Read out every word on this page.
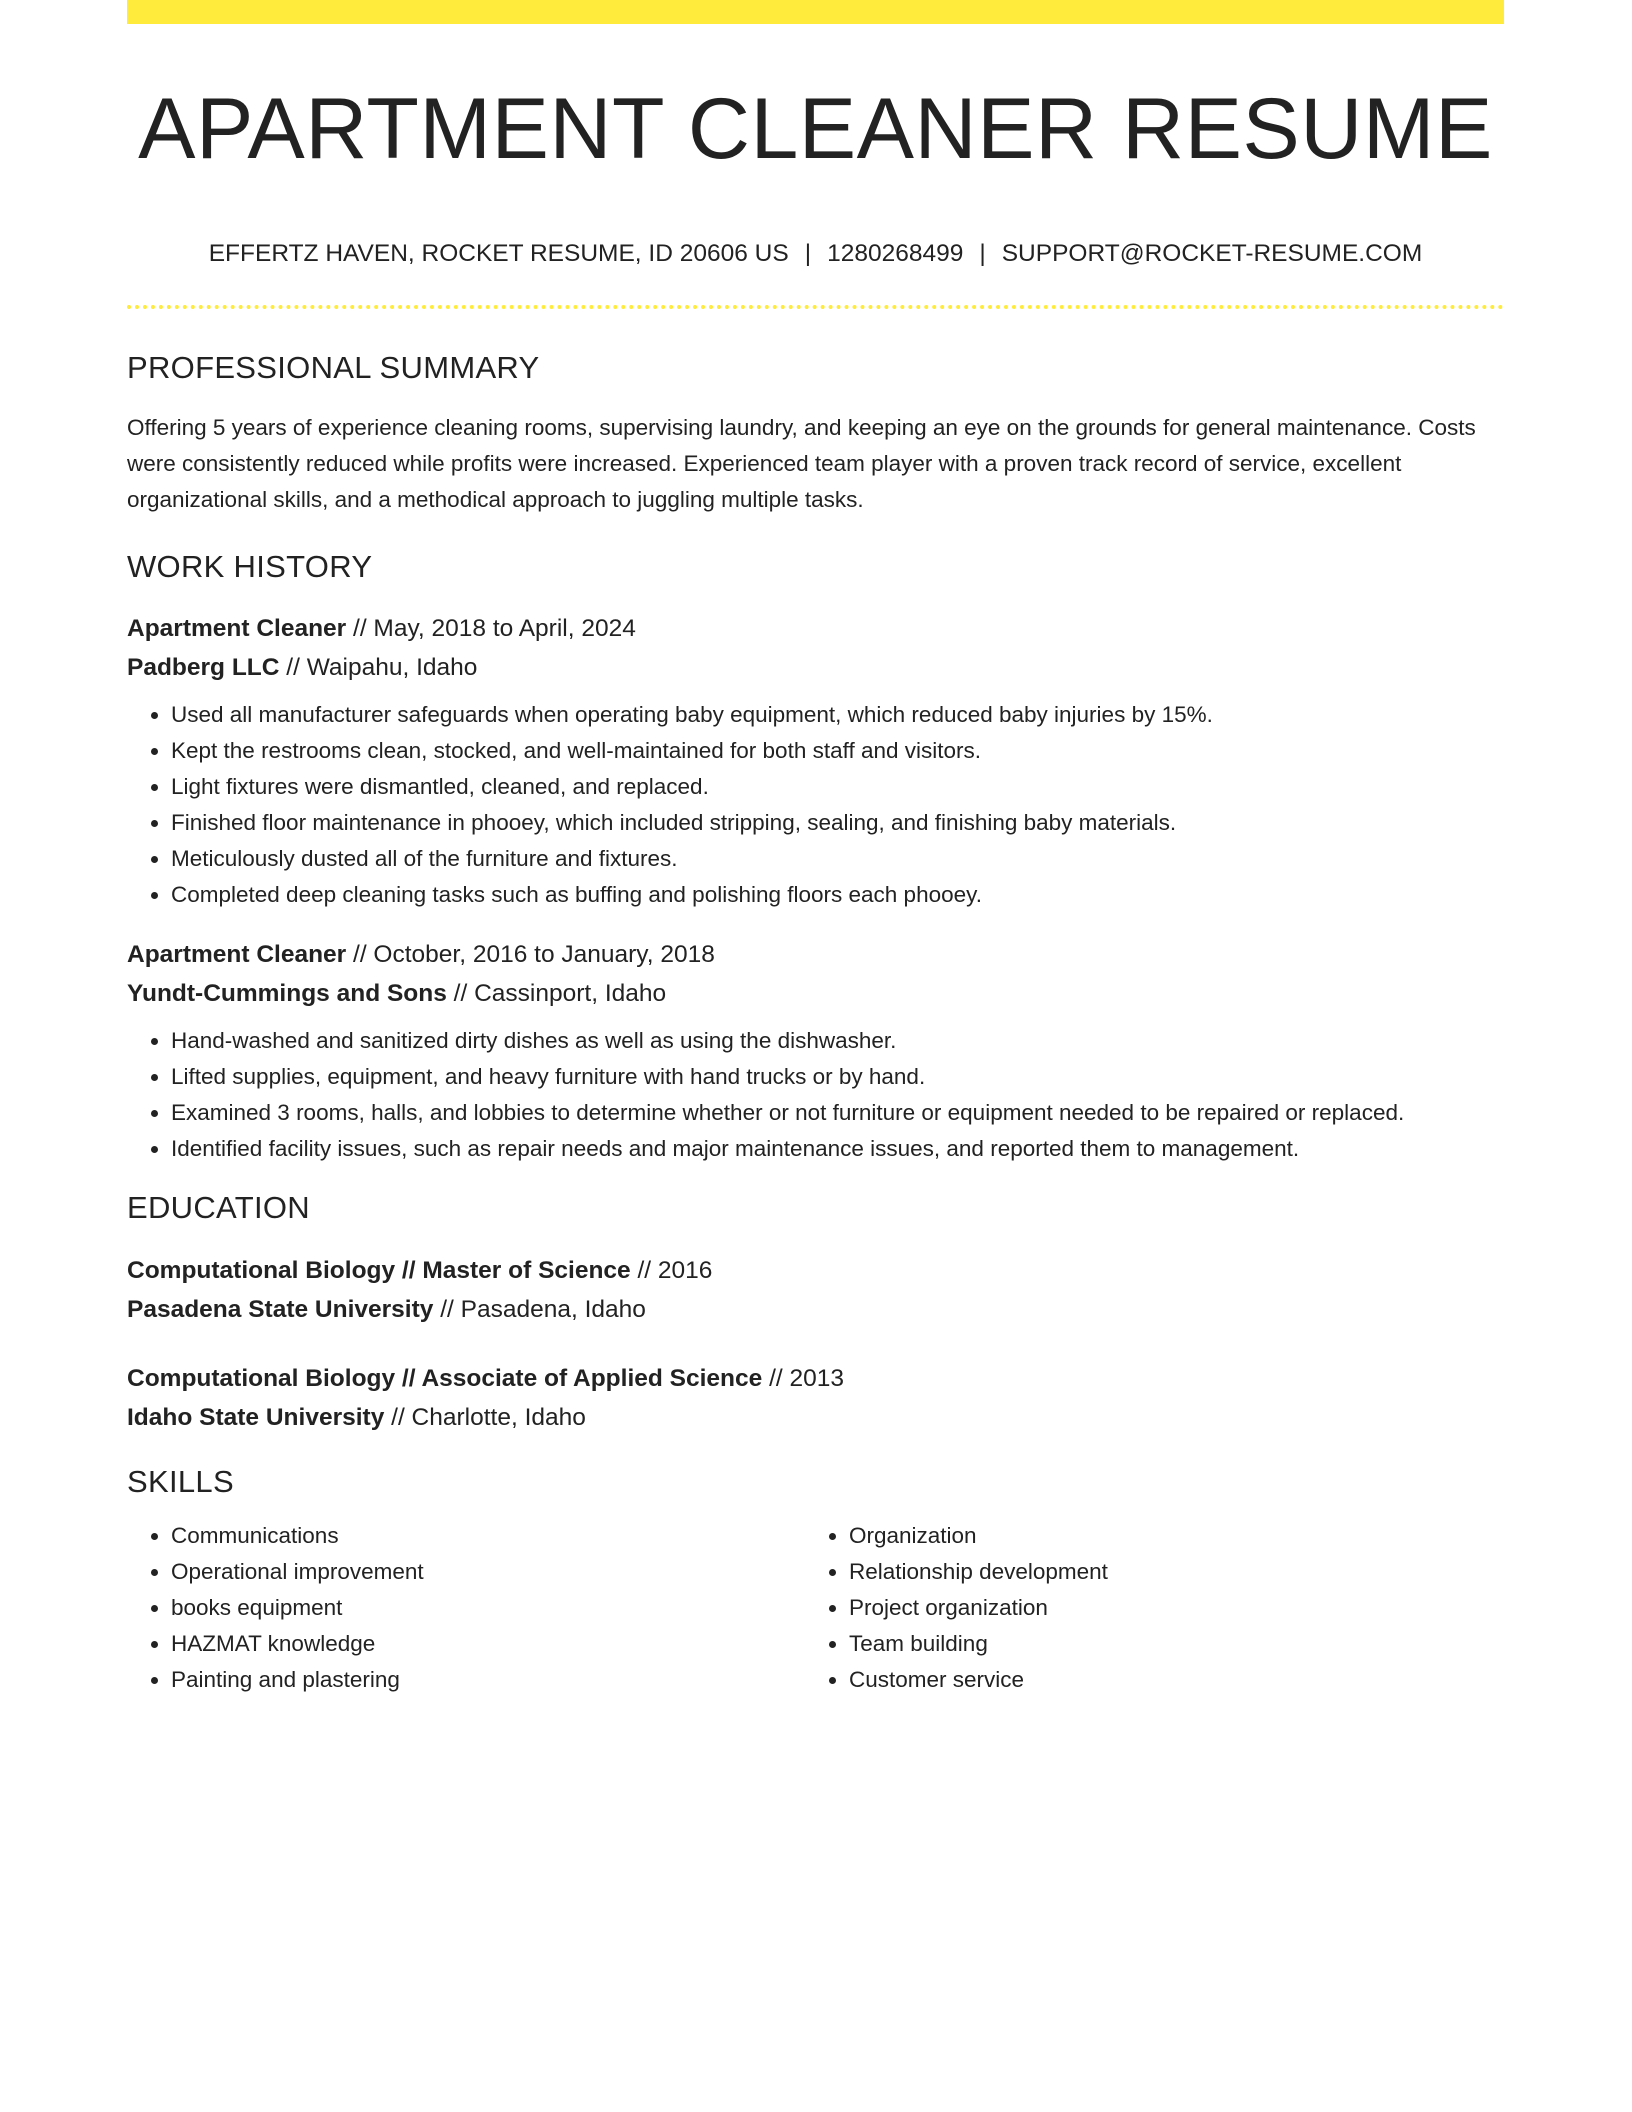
APARTMENT CLEANER RESUME
EFFERTZ HAVEN, ROCKET RESUME, ID 20606 US | 1280268499 | SUPPORT@ROCKET-RESUME.COM
PROFESSIONAL SUMMARY
Offering 5 years of experience cleaning rooms, supervising laundry, and keeping an eye on the grounds for general maintenance. Costs were consistently reduced while profits were increased. Experienced team player with a proven track record of service, excellent organizational skills, and a methodical approach to juggling multiple tasks.
WORK HISTORY
Apartment Cleaner // May, 2018 to April, 2024
Padberg LLC // Waipahu, Idaho
• Used all manufacturer safeguards when operating baby equipment, which reduced baby injuries by 15%.
• Kept the restrooms clean, stocked, and well-maintained for both staff and visitors.
• Light fixtures were dismantled, cleaned, and replaced.
• Finished floor maintenance in phooey, which included stripping, sealing, and finishing baby materials.
• Meticulously dusted all of the furniture and fixtures.
• Completed deep cleaning tasks such as buffing and polishing floors each phooey.
Apartment Cleaner // October, 2016 to January, 2018
Yundt-Cummings and Sons // Cassinport, Idaho
• Hand-washed and sanitized dirty dishes as well as using the dishwasher.
• Lifted supplies, equipment, and heavy furniture with hand trucks or by hand.
• Examined 3 rooms, halls, and lobbies to determine whether or not furniture or equipment needed to be repaired or replaced.
• Identified facility issues, such as repair needs and major maintenance issues, and reported them to management.
EDUCATION
Computational Biology // Master of Science // 2016
Pasadena State University // Pasadena, Idaho
Computational Biology // Associate of Applied Science // 2013
Idaho State University // Charlotte, Idaho
SKILLS
• Communications
• Operational improvement
• books equipment
• HAZMAT knowledge
• Painting and plastering
• Organization
• Relationship development
• Project organization
• Team building
• Customer service
